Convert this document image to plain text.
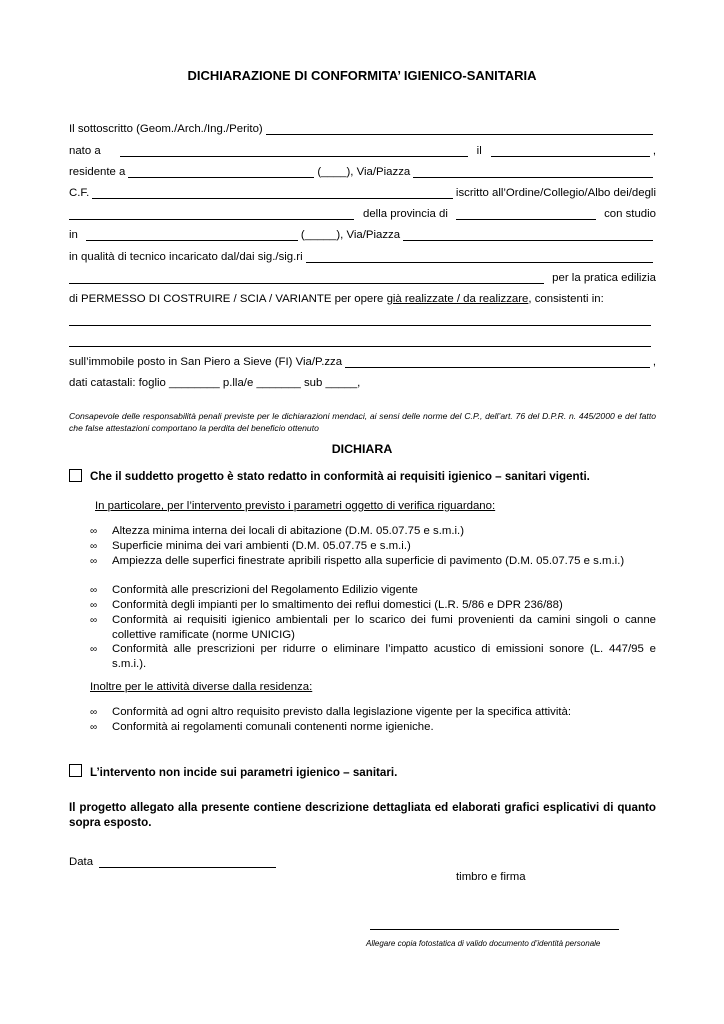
DICHIARAZIONE DI CONFORMITA’ IGIENICO-SANITARIA
Il sottoscritto (Geom./Arch./Ing./Perito)
nato a	il	,
residente a	(____), Via/Piazza
C.F.	iscritto all’Ordine/Collegio/Albo dei/degli
della provincia di	con studio
in	(_____), Via/Piazza
in qualità di tecnico incaricato dal/dai sig./sig.ri
per la pratica edilizia
di PERMESSO DI COSTRUIRE / SCIA / VARIANTE per opere già realizzate / da realizzare, consistenti in:
sull’immobile posto in San Piero a Sieve (FI) Via/P.zza	,
dati catastali: foglio ________ p.lla/e _______ sub _____,
Consapevole delle responsabilità penali previste per le dichiarazioni mendaci, ai sensi delle norme del C.P., dell’art. 76 del D.P.R. n. 445/2000 e del fatto che false attestazioni comportano la perdita del beneficio ottenuto
DICHIARA
Che il suddetto progetto è stato redatto in conformità ai requisiti igienico – sanitari vigenti.
In particolare, per l’intervento previsto i parametri oggetto di verifica riguardano:
∞ Altezza minima interna dei locali di abitazione (D.M. 05.07.75 e s.m.i.)
∞ Superficie minima dei vari ambienti (D.M. 05.07.75 e s.m.i.)
∞ Ampiezza delle superfici finestrate apribili rispetto alla superficie di pavimento (D.M. 05.07.75 e s.m.i.)
∞ Conformità alle prescrizioni del Regolamento Edilizio vigente
∞ Conformità degli impianti per lo smaltimento dei reflui domestici (L.R. 5/86 e DPR 236/88)
∞ Conformità ai requisiti igienico ambientali per lo scarico dei fumi provenienti da camini singoli o canne collettive ramificate (norme UNICIG)
∞ Conformità alle prescrizioni per ridurre o eliminare l’impatto acustico di emissioni sonore (L. 447/95 e s.m.i.).
Inoltre per le attività diverse dalla residenza:
∞ Conformità ad ogni altro requisito previsto dalla legislazione vigente per la specifica attività:
∞ Conformità ai regolamenti comunali contenenti norme igieniche.
L’intervento non incide sui parametri igienico – sanitari.
Il progetto allegato alla presente contiene descrizione dettagliata ed elaborati grafici esplicativi di quanto sopra esposto.
Data
timbro e firma
Allegare copia fotostatica di valido documento d’identità personale
